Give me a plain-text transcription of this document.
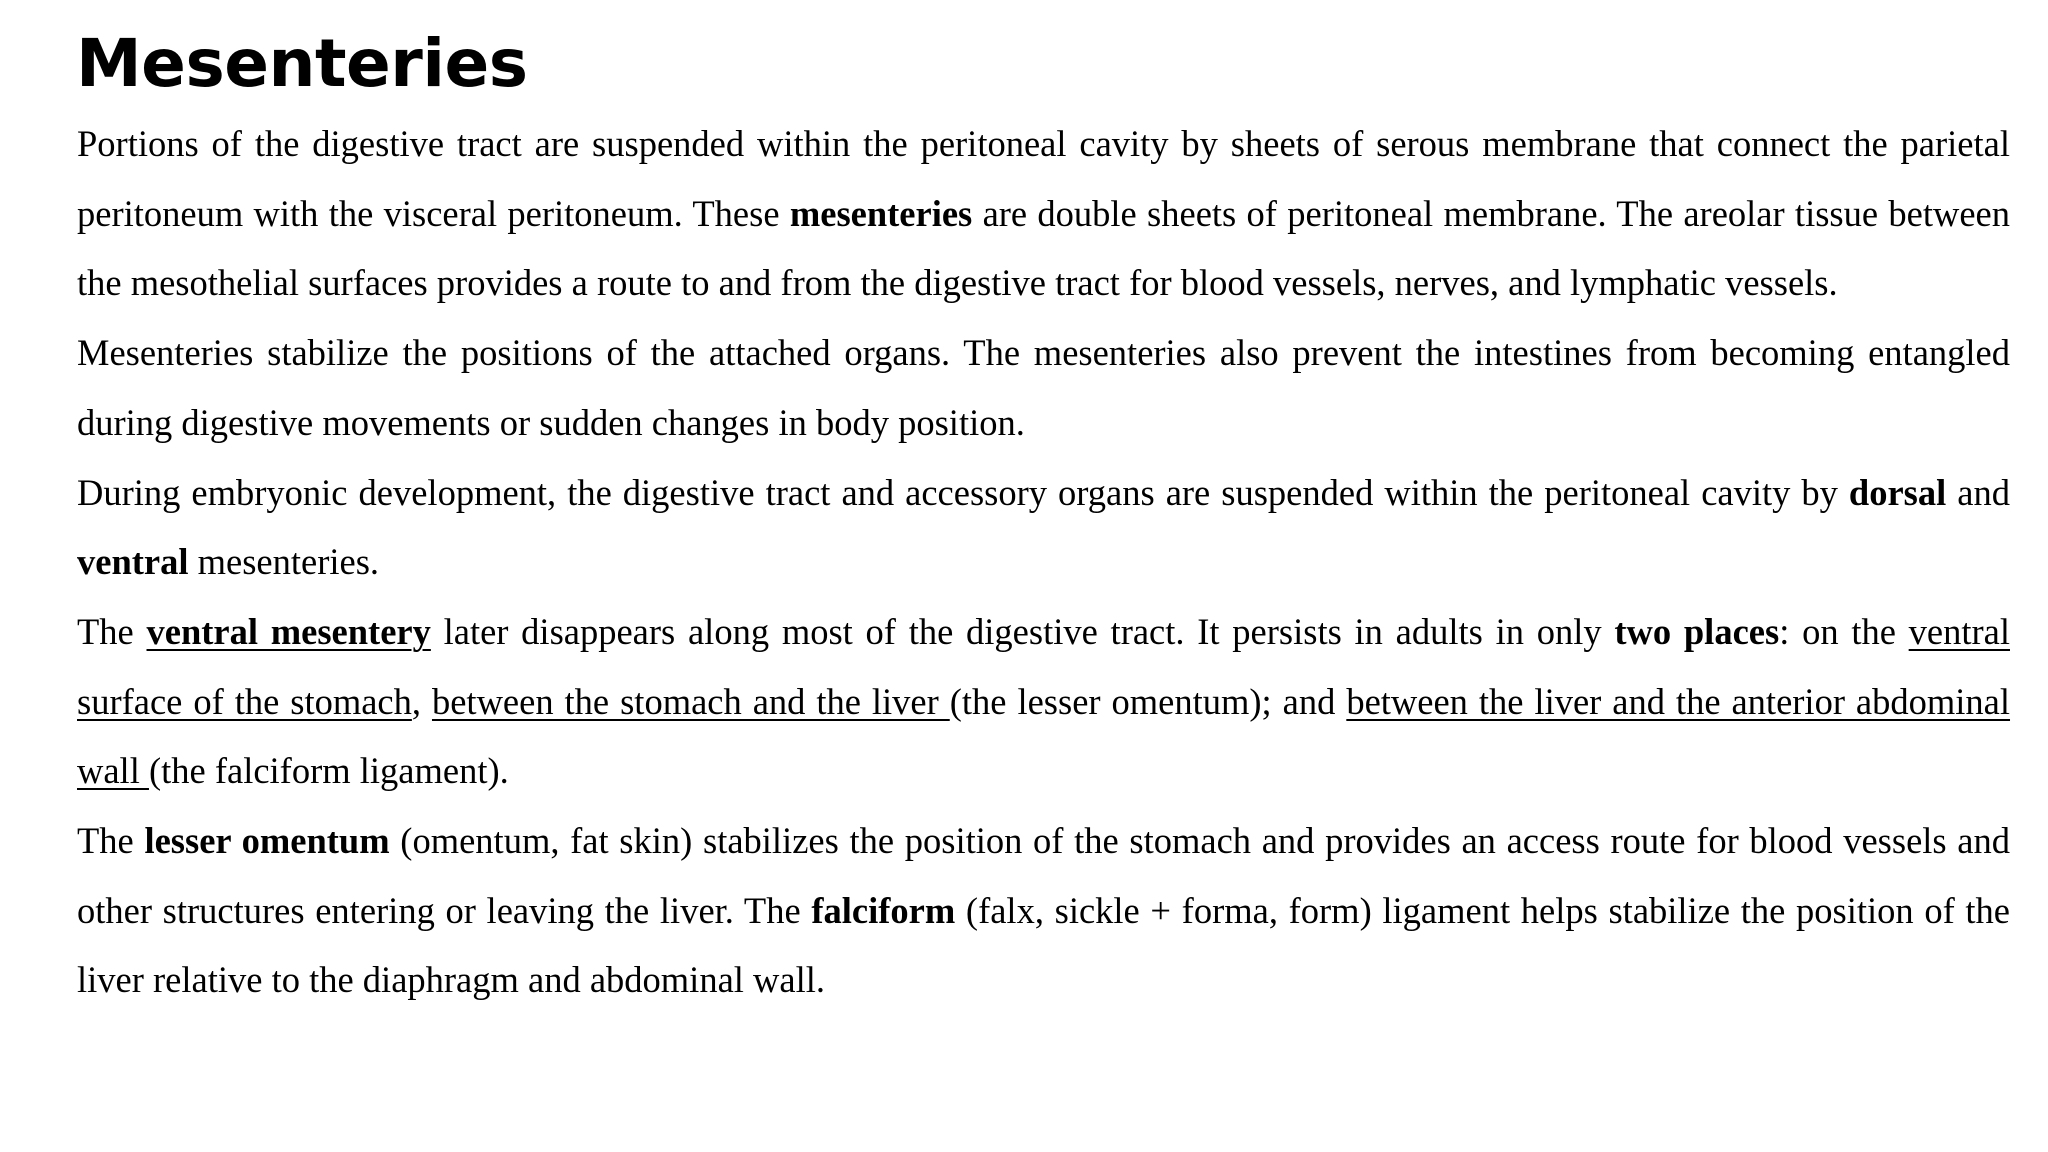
Mesenteries

Portions of the digestive tract are suspended within the peritoneal cavity by sheets of serous membrane that connect the parietal peritoneum with the visceral peritoneum. These mesenteries are double sheets of peritoneal membrane. The areolar tissue between the mesothelial surfaces provides a route to and from the digestive tract for blood vessels, nerves, and lymphatic vessels.

Mesenteries stabilize the positions of the attached organs. The mesenteries also prevent the intestines from becoming entangled during digestive movements or sudden changes in body position.

During embryonic development, the digestive tract and accessory organs are suspended within the peritoneal cavity by dorsal and ventral mesenteries.

The ventral mesentery later disappears along most of the digestive tract. It persists in adults in only two places: on the ventral surface of the stomach, between the stomach and the liver (the lesser omentum); and between the liver and the anterior abdominal wall (the falciform ligament).

The lesser omentum (omentum, fat skin) stabilizes the position of the stomach and provides an access route for blood vessels and other structures entering or leaving the liver. The falciform (falx, sickle + forma, form) ligament helps stabilize the position of the liver relative to the diaphragm and abdominal wall.
